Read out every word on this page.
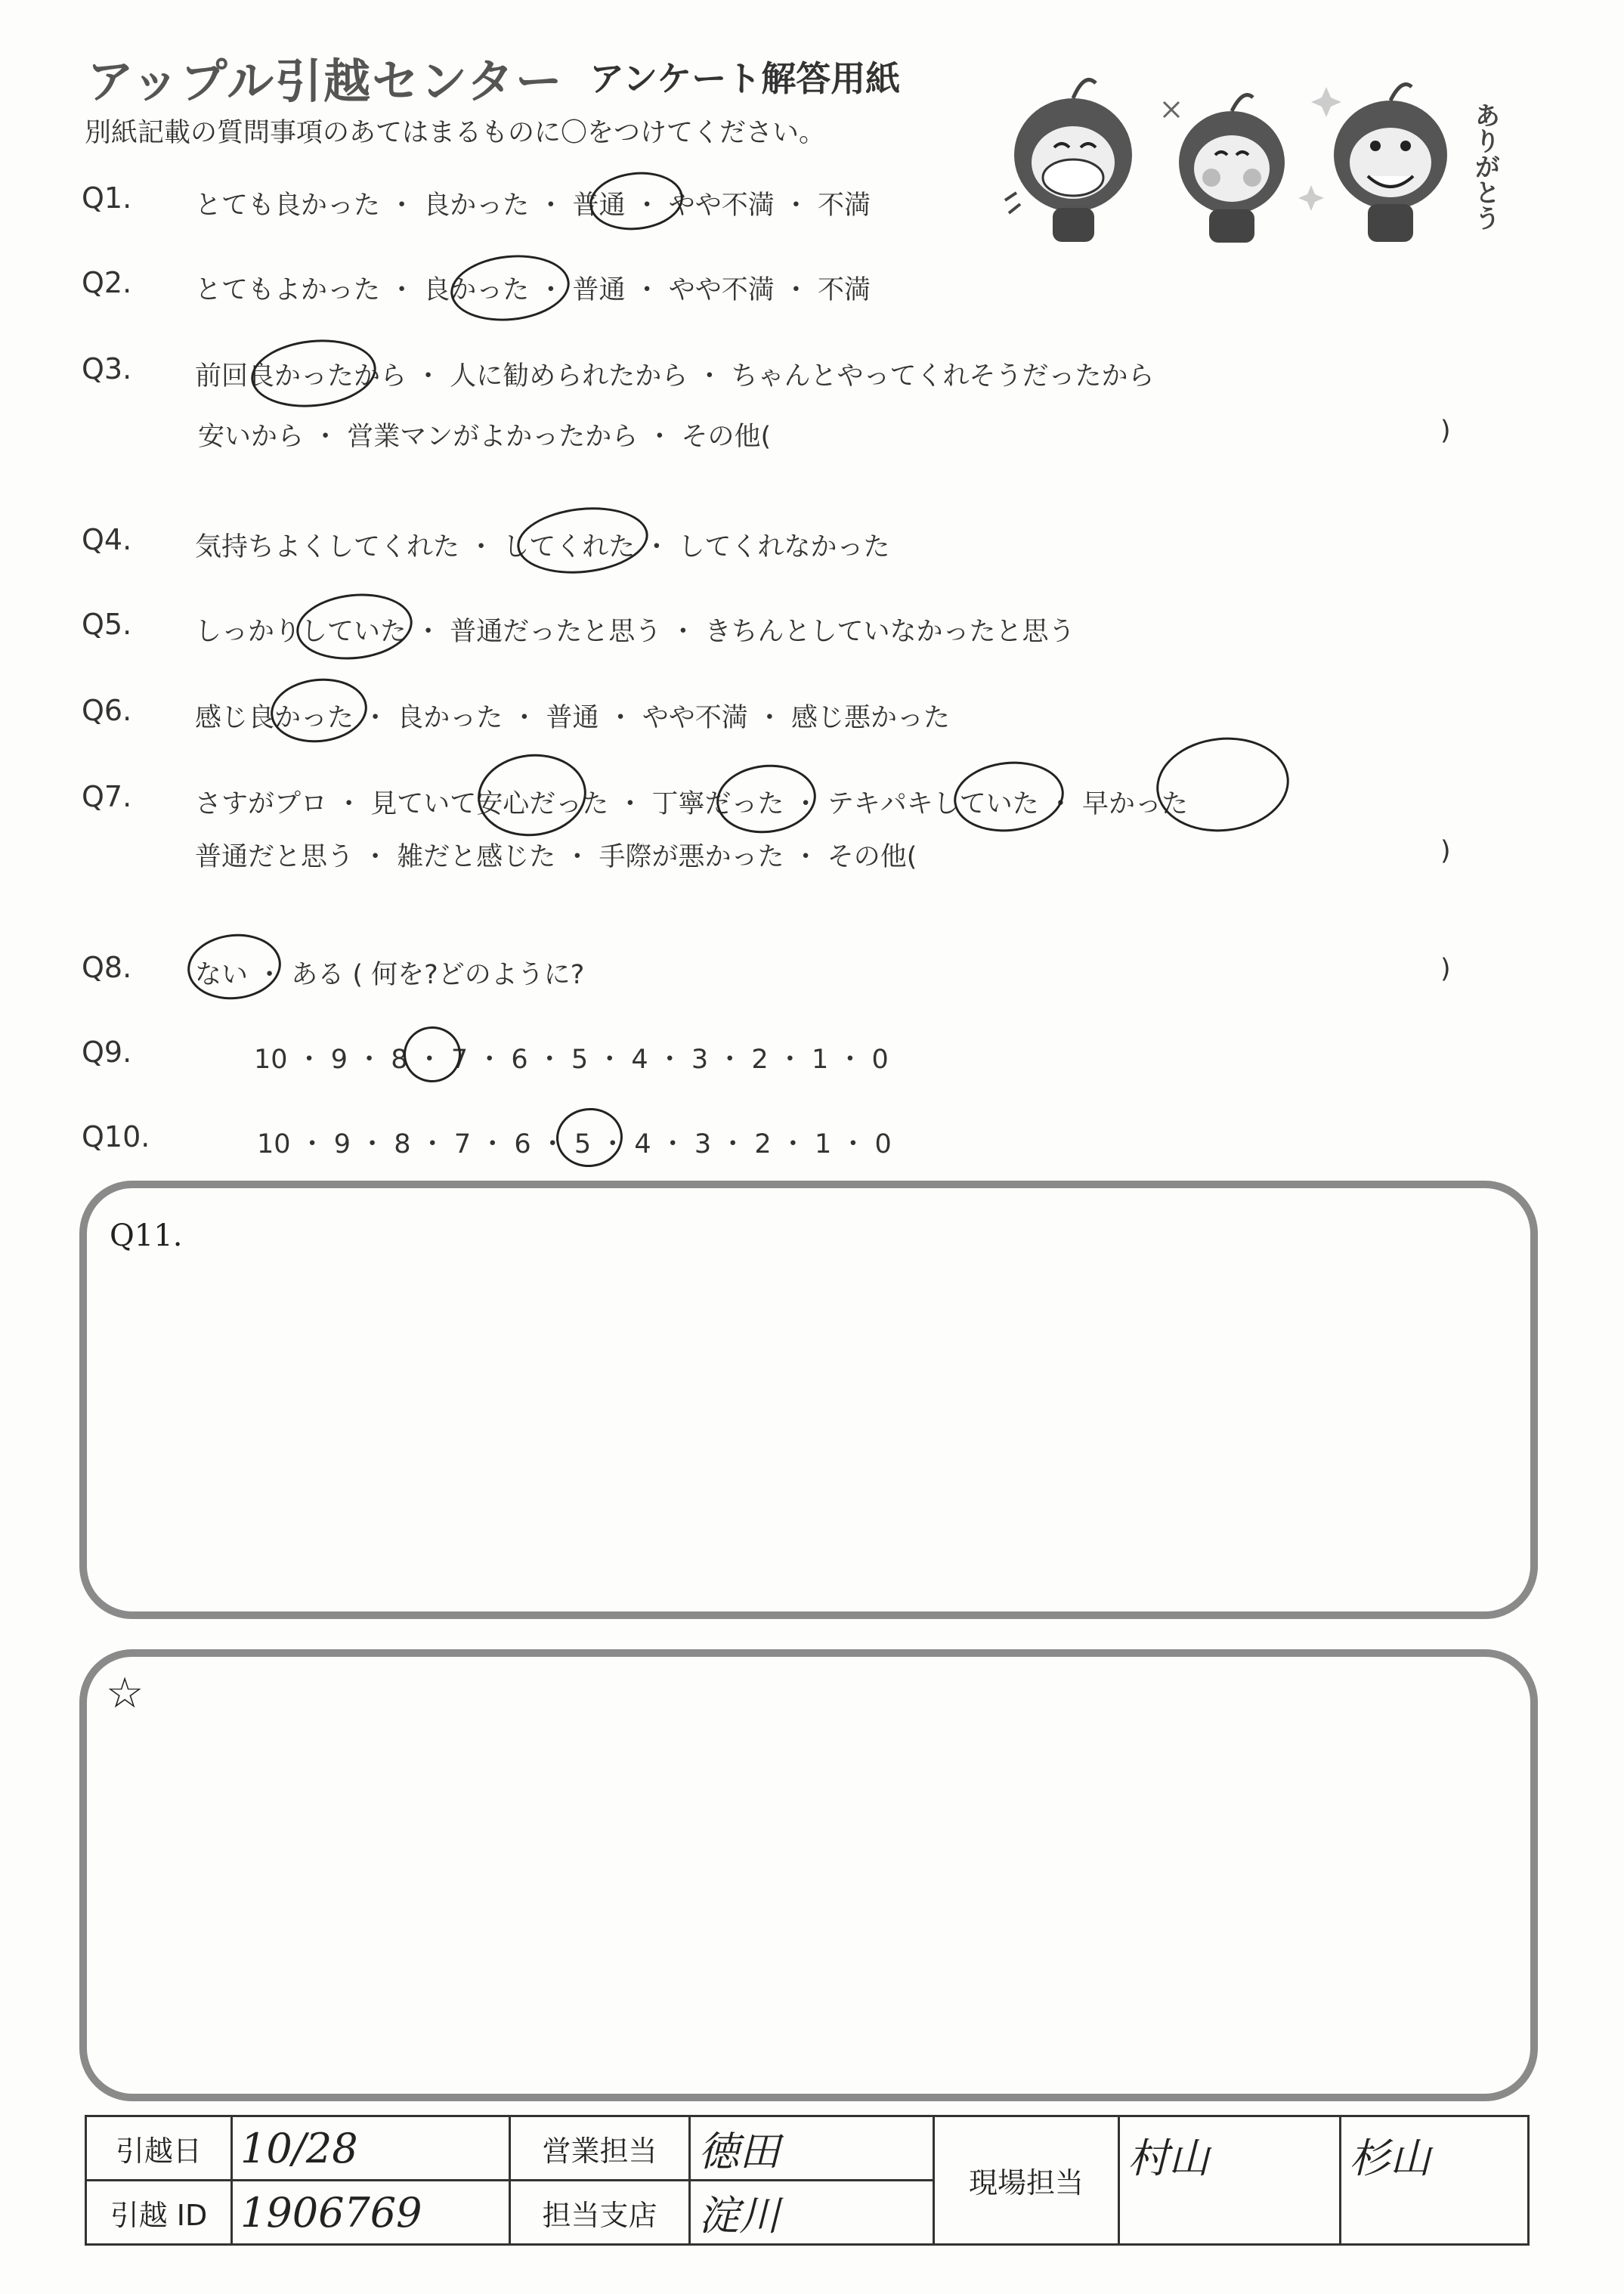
アップル引越センター アンケート解答用紙
別紙記載の質問事項のあてはまるものに〇をつけてください。	ありがとう
Q1. とても良かった ・ 良かった ・ 普通 ・ やや不満 ・ 不満
Q2. とてもよかった ・ 良かった ・ 普通 ・ やや不満 ・ 不満
Q3. 前回良かったから ・ 人に勧められたから ・ ちゃんとやってくれそうだったから
安いから ・ 営業マンがよかったから ・ その他(	)
Q4. 気持ちよくしてくれた ・ してくれた ・ してくれなかった
Q5. しっかりしていた ・ 普通だったと思う ・ きちんとしていなかったと思う
Q6. 感じ良かった ・ 良かった ・ 普通 ・ やや不満 ・ 感じ悪かった
Q7. さすがプロ ・ 見ていて安心だった ・ 丁寧だった ・ テキパキしていた ・ 早かった
普通だと思う ・ 雑だと感じた ・ 手際が悪かった ・ その他(	)
Q8. ない ・ ある ( 何を?どのように?	)
Q9.	10 ・ 9 ・ 8 ・ 7 ・ 6 ・ 5 ・ 4 ・ 3 ・ 2 ・ 1 ・ 0
Q10.	10 ・ 9 ・ 8 ・ 7 ・ 6 ・ 5 ・ 4 ・ 3 ・ 2 ・ 1 ・ 0
Q11.
☆
引越日	10/28	営業担当	徳田	現場担当	村山	杉山
引越 ID	1906769	担当支店	淀川			
